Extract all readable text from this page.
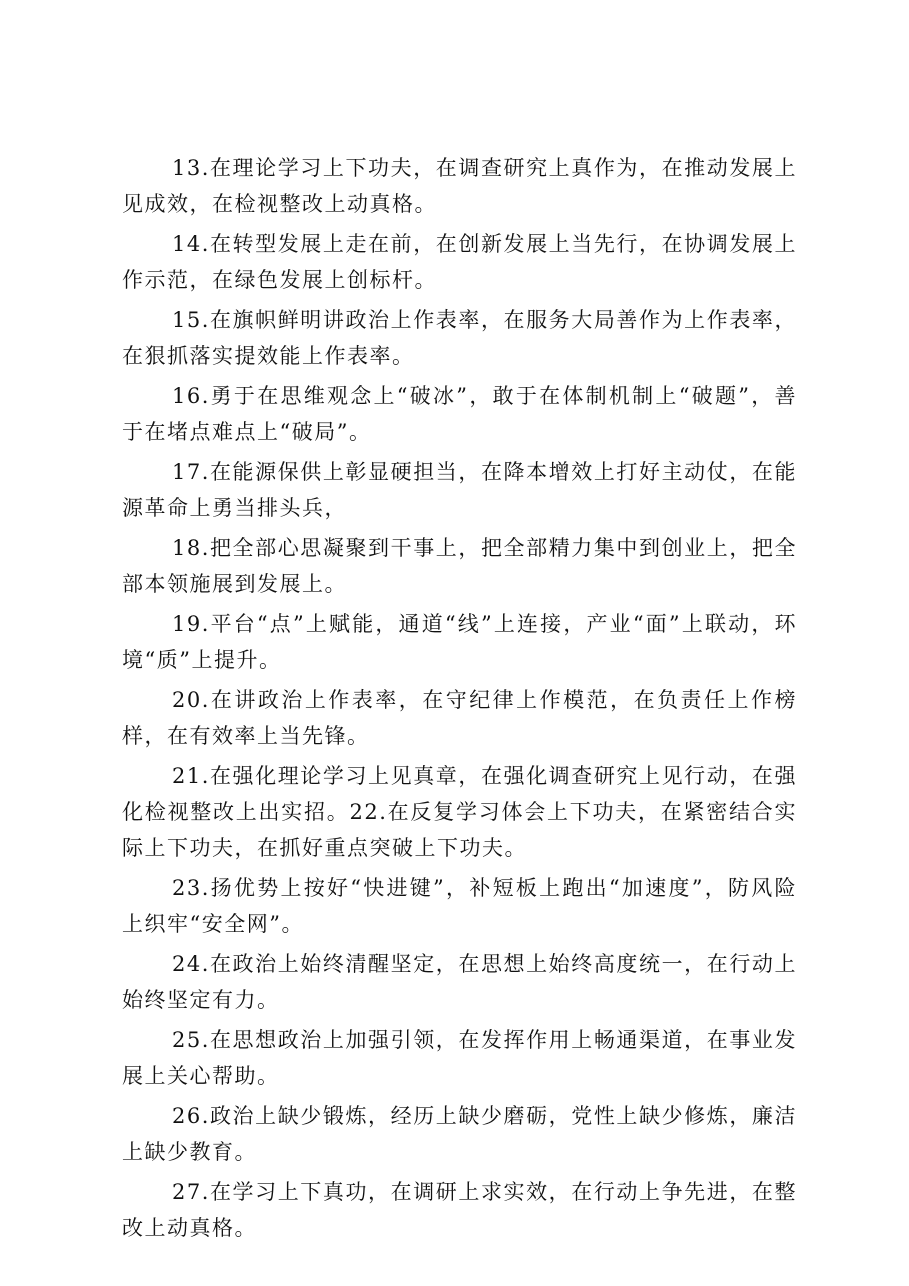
13.在理论学习上下功夫，在调查研究上真作为，在推动发展上见成效，在检视整改上动真格。

14.在转型发展上走在前，在创新发展上当先行，在协调发展上作示范，在绿色发展上创标杆。

15.在旗帜鲜明讲政治上作表率，在服务大局善作为上作表率，在狠抓落实提效能上作表率。

16.勇于在思维观念上“破冰”，敢于在体制机制上“破题”，善于在堵点难点上“破局”。

17.在能源保供上彰显硬担当，在降本增效上打好主动仗，在能源革命上勇当排头兵，

18.把全部心思凝聚到干事上，把全部精力集中到创业上，把全部本领施展到发展上。

19.平台“点”上赋能，通道“线”上连接，产业“面”上联动，环境“质”上提升。

20.在讲政治上作表率，在守纪律上作模范，在负责任上作榜样，在有效率上当先锋。

21.在强化理论学习上见真章，在强化调查研究上见行动，在强化检视整改上出实招。22.在反复学习体会上下功夫，在紧密结合实际上下功夫，在抓好重点突破上下功夫。

23.扬优势上按好“快进键”，补短板上跑出“加速度”，防风险上织牢“安全网”。

24.在政治上始终清醒坚定，在思想上始终高度统一，在行动上始终坚定有力。

25.在思想政治上加强引领，在发挥作用上畅通渠道，在事业发展上关心帮助。

26.政治上缺少锻炼，经历上缺少磨砺，党性上缺少修炼，廉洁上缺少教育。

27.在学习上下真功，在调研上求实效，在行动上争先进，在整改上动真格。
